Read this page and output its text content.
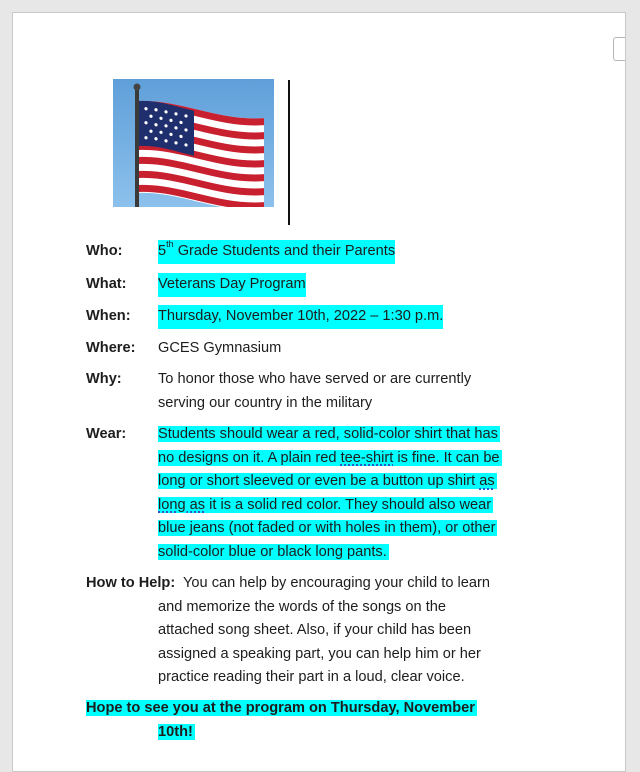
Who: 5th Grade Students and their Parents
What: Veterans Day Program
When: Thursday, November 10th, 2022 – 1:30 p.m.
Where: GCES Gymnasium
Why: To honor those who have served or are currently
serving our country in the military
Wear: Students should wear a red, solid-color shirt that has
no designs on it. A plain red tee-shirt is fine. It can be
long or short sleeved or even be a button up shirt as
long as it is a solid red color. They should also wear
blue jeans (not faded or with holes in them), or other
solid-color blue or black long pants.
How to Help:  You can help by encouraging your child to learn
and memorize the words of the songs on the
attached song sheet. Also, if your child has been
assigned a speaking part, you can help him or her
practice reading their part in a loud, clear voice.
Hope to see you at the program on Thursday, November
10th!
